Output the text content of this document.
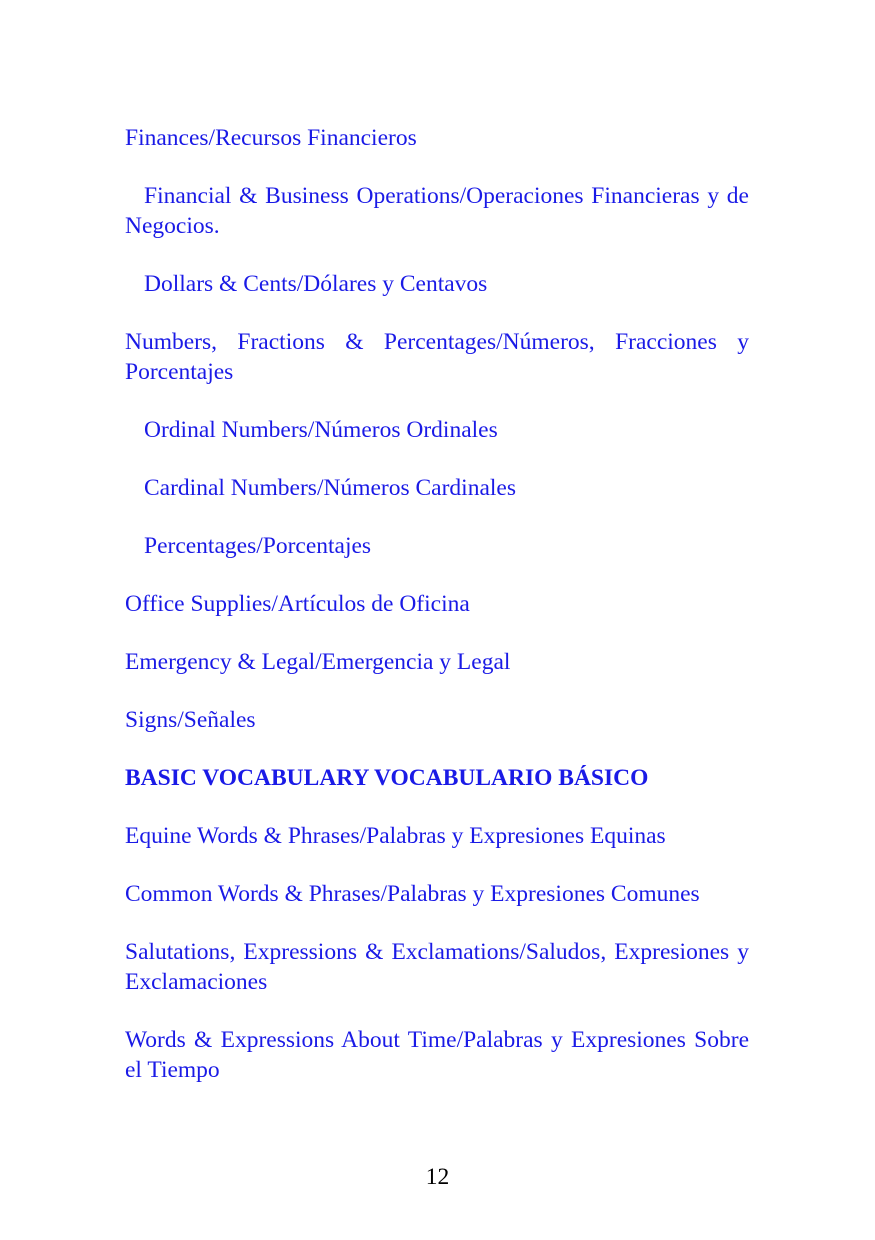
Finances/Recursos Financieros
Financial & Business Operations/Operaciones Financieras y de Negocios.
Dollars & Cents/Dólares y Centavos
Numbers, Fractions & Percentages/Números, Fracciones y Porcentajes
Ordinal Numbers/Números Ordinales
Cardinal Numbers/Números Cardinales
Percentages/Porcentajes
Office Supplies/Artículos de Oficina
Emergency & Legal/Emergencia y Legal
Signs/Señales
BASIC VOCABULARY VOCABULARIO BÁSICO
Equine Words & Phrases/Palabras y Expresiones Equinas
Common Words & Phrases/Palabras y Expresiones Comunes
Salutations, Expressions & Exclamations/Saludos, Expresiones y Exclamaciones
Words & Expressions About Time/Palabras y Expresiones Sobre el Tiempo
12
